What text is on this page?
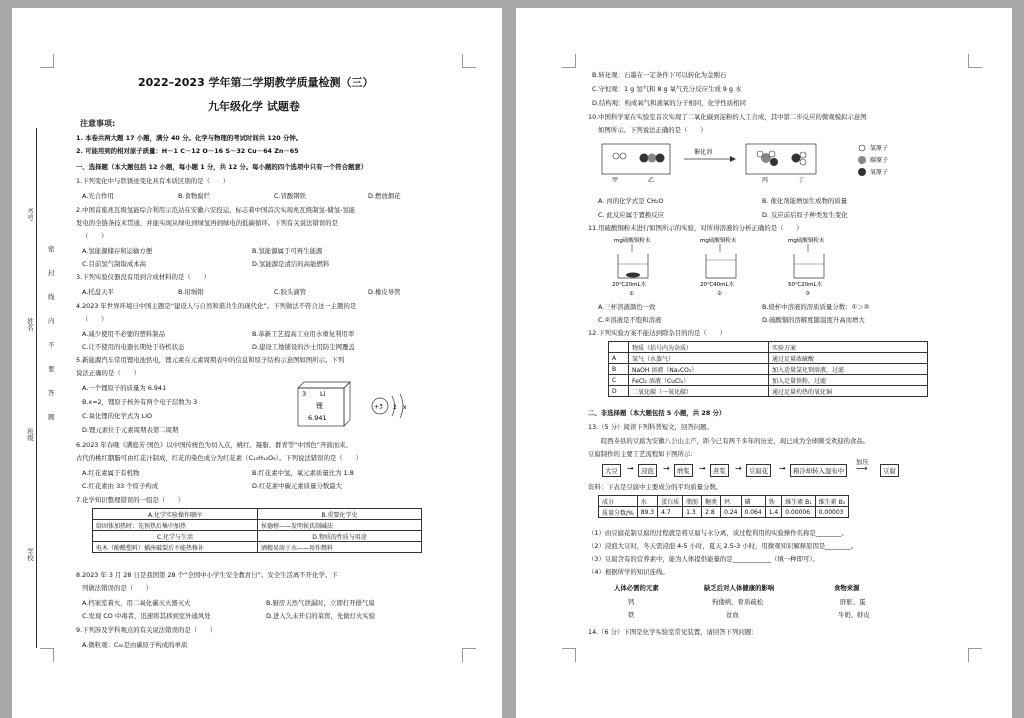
考号
姓名
班级
学校
密
封
线
内
不
要
答
题
2022–2023 学年第二学期教学质量检测（三）
九年级化学 试题卷
注意事项:
1. 本卷共两大题 17 小题，满分 40 分。化学与物理的考试时间共 120 分钟。
2. 可能用到的相对原子质量：H－1 C－12 O－16 S－32 Cu－64 Zn－65
一、选择题（本大题包括 12 小题，每小题 1 分，共 12 分。每小题的四个选项中只有一个符合题意）
1.下列变化中与铁锈迹变化具有本质区别的是（　　）
A.光合作用	B.食物腐烂	C.冒酸钢铁	D.燃放烟花
2.中国首座兆瓦级氢能综合利用示范站在安徽六安投运，标志着中国首次实现兆瓦级制氢-储氢-氢能
发电的全链条技术贯通，并能实现从绿电到绿氢再到绿电的低碳循环。下列有关说法错误的是
（　　）
A.氢能源储存和运输方便	B.氢能源属于可再生能源
C.目前氢气制取成本高	D.氢能源是清洁的高能燃料
3.下列实验仪器没有用到合成材料的是（　　）
A.托盘天平	B.坩埚钳	C.胶头滴管	D.橡皮导管
4.2023 年世界环境日中国主题是“建设人与自然和谐共生的现代化”。下列做法不符合这一主题的是
（　　）
A.减少使用不必要的塑料制品	B.革新工艺提高工业用水重复利用率
C.让不使用的电器长期处于待机状态	D.建设工地铺设的沙土用防尘网覆盖
5.新能源汽车常用锂电池供电，锂元素在元素周期表中的信息和原子结构示意图如图所示。下列
说法正确的是（　　）
A.一个锂原子的质量为 6.941
B.x=2，锂原子核外有两个电子层数为 3
C.氧化锂的化学式为 LiO
D.锂元素位于元素周期表第二周期
3 Li
锂
6.941
+3 2 x
6.2023 年春晚《满庭芳·国色》以中国传统色为切入点，桃红、凝脂、群青等“中国色”齐面而来。
古代的桃红胭脂可由红花汁制成，红花的染色成分为红花素（C₁₅H₁₂O₆）。下列说法错误的是（　　）
A.红花素属于有机物	B.红花素中氢、氧元素质量比为 1:8
C.红花素由 33 个原子构成	D.红花素中碳元素质量分数最大
7.化学知识整理错误的一组是（　　）
A.化学实验操作顺序	B.重要化学史
给固体加热时：先预热后集中加热	侯德榜——发明侯氏制碱法
C.化学与生活	D.物质的性质与用途
电木（酚醛塑料）插座破裂后不能热修补	酒精易溶于水——用作燃料
8.2023 年 3 月 28 日是我国第 28 个“全国中小学生安全教育日”。安全生活离不开化学。下
列做法错误的是（　　）
A.档案室着火，用二氧化碳灭火器灭火	B.厨房天然气泄漏时，立即打开排气扇
C.发现 CO 中毒者，迅速将其移到室外通风处	D.进入久未开启的菜窖，先做灯火实验
9.下列涉及学科观点的有关说法错误的是（　　）
A.微粒观：C₆₀是由碳原子构成的单质
B.转化观：石墨在一定条件下可以转化为金刚石
C.守恒观：1 g 氢气和 8 g 氧气充分反应生成 9 g 水
D.结构观：构成氧气和液氧的分子相同，化学性质相同
10.中国科学家在实验室首次实现了二氧化碳到淀粉的人工合成，其中第二步反应的微观模拟示意图
如图所示。下列说法正确的是（　　）
甲	乙
催化剂
丙	丁
氢原子
碳原子
氧原子
A. 丙的化学式是 CH₂O	B. 催化剂能增加生成物的质量
C. 此反应属于置换反应	D. 反应前后原子种类发生变化
11.用硫酸铜粉末进行如图所示的实验，对所得溶液的分析正确的是（　　）
mg硫酸铜粉末
20℃20mL水
①
mg硫酸铜粉末
20℃40mL水
②
mg硫酸铜粉末
50℃20mL水
③
A.三杯溶液颜色一致	B.烧杯中溶液的溶质质量分数：①＞②
C.②溶液是不饱和溶液	D.硫酸铜的溶解度随温度升高而增大
12.下列实验方案不能达到除杂目的的是（　　）
	物质（括号内为杂质）	实验方案
A	氢气（水蒸气）	通过足量浓硫酸
B	NaOH 溶液（Na₂CO₃）	加入适量氯化钡溶液，过滤
C	FeCl₂ 溶液（CuCl₂）	加入足量铁粉，过滤
D	二氧化碳（一氧化碳）	通过足量灼热的氧化铜
二、非选择题（本大题包括 5 小题，共 28 分）
13.（5 分）阅读下列科普短文，回答问题。
　　皖西寿县的豆腐为安徽八公山主产，距今已有两千多年的历史，现已成为全球颇受欢迎的食品。
豆腐制作的主要工艺流程如下图所示：
大豆	→	浸泡	→	磨浆	→	煮浆	→	豆腐花	→	箱冷却转入湿布中
加压
⟶	豆腐
资料：下表是豆腐中主要成分的平均质量分数。
成分	水	蛋白质	脂肪	糖类	钙	磷	铁	维生素 B₁	维生素 B₂
质量分数/%	89.3	4.7	1.3	2.8	0.24	0.064	1.4	0.00006	0.00003
（1）由豆腐花制豆腐的过程就是将豆腐与水分离，该过程利用的实验操作名称是________。
（2）浸泡大豆时，冬天需浸泡 4-5 小时，夏天 2.5-3 小时，用微观知识解释原因是________。
（3）豆腐含有的营养素中，能为人体提供能量的是____________（填一种即可）。
（4）根据所学的知识连线。
人体必需的元素	缺乏后对人体健康的影响	食物来源
钙	佝偻病、骨质疏松	肝脏、蛋
铁	贫血	牛奶、虾皮
14.（6 分）下图是化学实验室常见装置，请回答下列问题：
